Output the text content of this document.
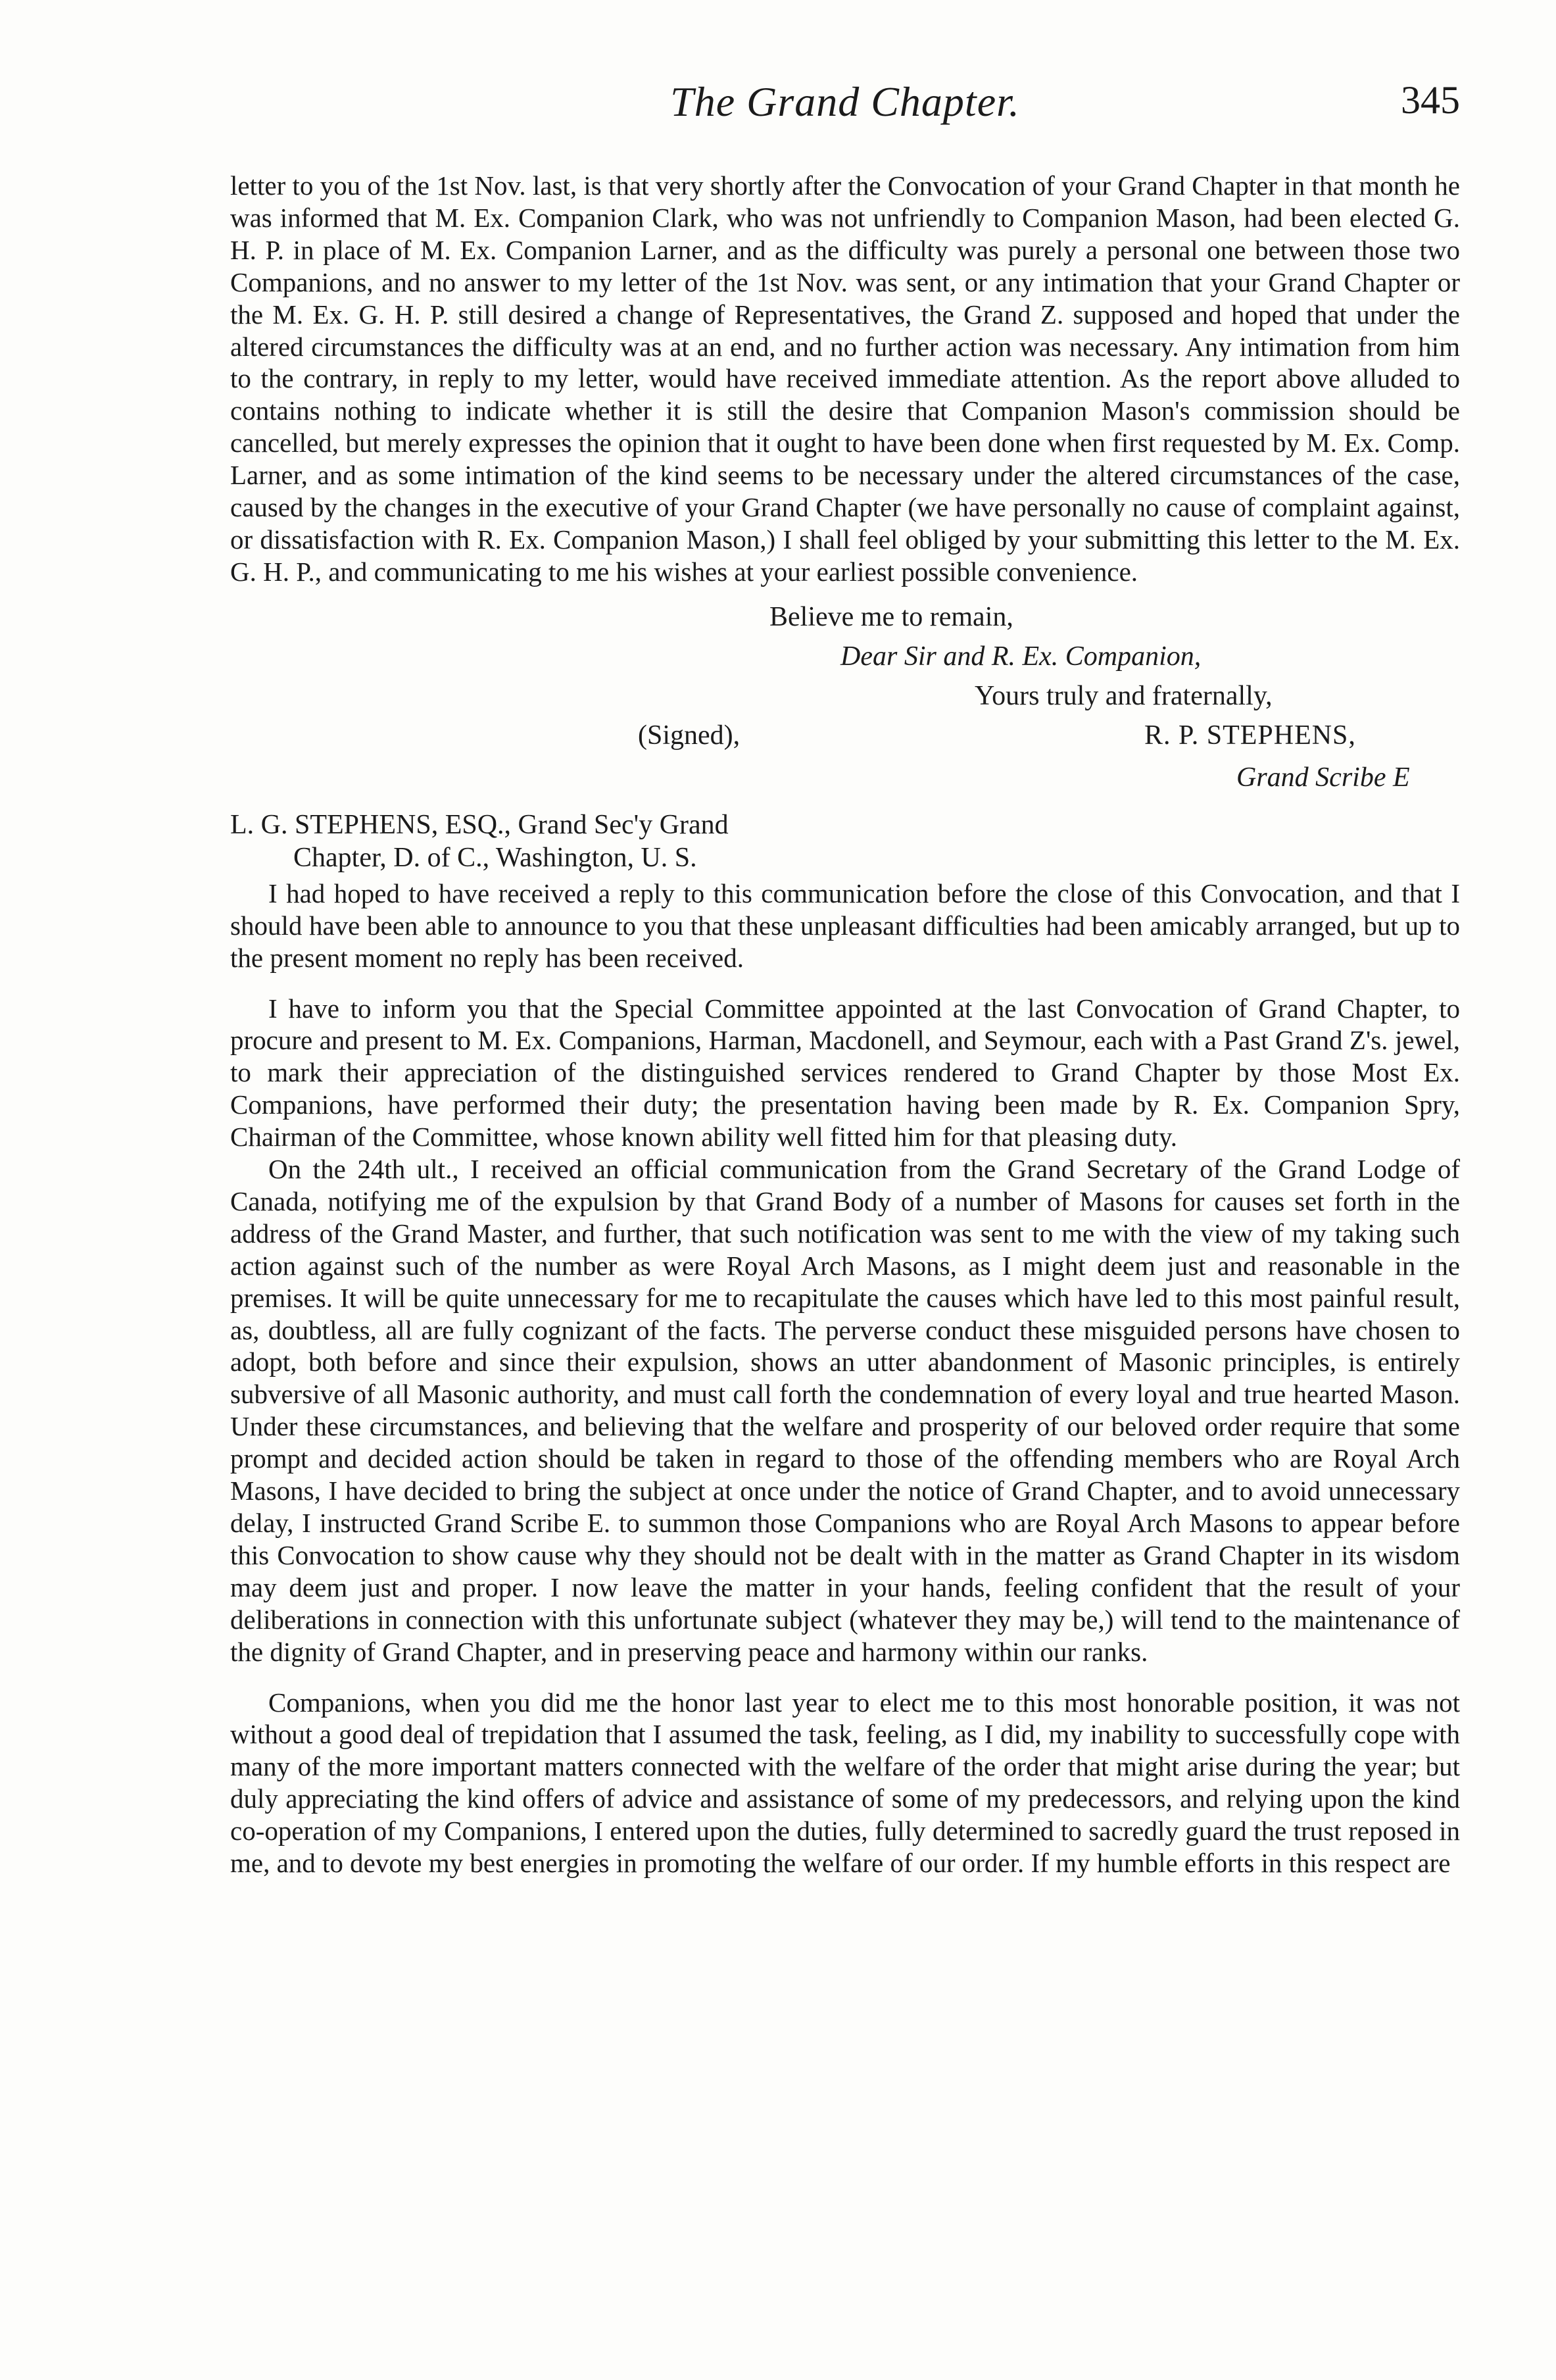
The Grand Chapter.	345

letter to you of the 1st Nov. last, is that very shortly after the Convocation of your Grand Chapter in that month he was informed that M. Ex. Companion Clark, who was not unfriendly to Companion Mason, had been elected G. H. P. in place of M. Ex. Companion Larner, and as the difficulty was purely a personal one between those two Companions, and no answer to my letter of the 1st Nov. was sent, or any intimation that your Grand Chapter or the M. Ex. G. H. P. still desired a change of Representatives, the Grand Z. supposed and hoped that under the altered circumstances the difficulty was at an end, and no further action was necessary. Any intimation from him to the contrary, in reply to my letter, would have received immediate attention. As the report above alluded to contains nothing to indicate whether it is still the desire that Companion Mason's commission should be cancelled, but merely expresses the opinion that it ought to have been done when first requested by M. Ex. Comp. Larner, and as some intimation of the kind seems to be necessary under the altered circumstances of the case, caused by the changes in the executive of your Grand Chapter (we have personally no cause of complaint against, or dissatisfaction with R. Ex. Companion Mason,) I shall feel obliged by your submitting this letter to the M. Ex. G. H. P., and communicating to me his wishes at your earliest possible convenience.

Believe me to remain,
Dear Sir and R. Ex. Companion,
Yours truly and fraternally,
(Signed),	R. P. STEPHENS,
Grand Scribe E
L. G. STEPHENS, ESQ., Grand Sec'y Grand
Chapter, D. of C., Washington, U. S.

I had hoped to have received a reply to this communication before the close of this Convocation, and that I should have been able to announce to you that these unpleasant difficulties had been amicably arranged, but up to the present moment no reply has been received.

I have to inform you that the Special Committee appointed at the last Convocation of Grand Chapter, to procure and present to M. Ex. Companions, Harman, Macdonell, and Seymour, each with a Past Grand Z's. jewel, to mark their appreciation of the distinguished services rendered to Grand Chapter by those Most Ex. Companions, have performed their duty; the presentation having been made by R. Ex. Companion Spry, Chairman of the Committee, whose known ability well fitted him for that pleasing duty.

On the 24th ult., I received an official communication from the Grand Secretary of the Grand Lodge of Canada, notifying me of the expulsion by that Grand Body of a number of Masons for causes set forth in the address of the Grand Master, and further, that such notification was sent to me with the view of my taking such action against such of the number as were Royal Arch Masons, as I might deem just and reasonable in the premises. It will be quite unnecessary for me to recapitulate the causes which have led to this most painful result, as, doubtless, all are fully cognizant of the facts. The perverse conduct these misguided persons have chosen to adopt, both before and since their expulsion, shows an utter abandonment of Masonic principles, is entirely subversive of all Masonic authority, and must call forth the condemnation of every loyal and true hearted Mason. Under these circumstances, and believing that the welfare and prosperity of our beloved order require that some prompt and decided action should be taken in regard to those of the offending members who are Royal Arch Masons, I have decided to bring the subject at once under the notice of Grand Chapter, and to avoid unnecessary delay, I instructed Grand Scribe E. to summon those Companions who are Royal Arch Masons to appear before this Convocation to show cause why they should not be dealt with in the matter as Grand Chapter in its wisdom may deem just and proper. I now leave the matter in your hands, feeling confident that the result of your deliberations in connection with this unfortunate subject (whatever they may be,) will tend to the maintenance of the dignity of Grand Chapter, and in preserving peace and harmony within our ranks.

Companions, when you did me the honor last year to elect me to this most honorable position, it was not without a good deal of trepidation that I assumed the task, feeling, as I did, my inability to successfully cope with many of the more important matters connected with the welfare of the order that might arise during the year; but duly appreciating the kind offers of advice and assistance of some of my predecessors, and relying upon the kind co-operation of my Companions, I entered upon the duties, fully determined to sacredly guard the trust reposed in me, and to devote my best energies in promoting the welfare of our order. If my humble efforts in this respect are
